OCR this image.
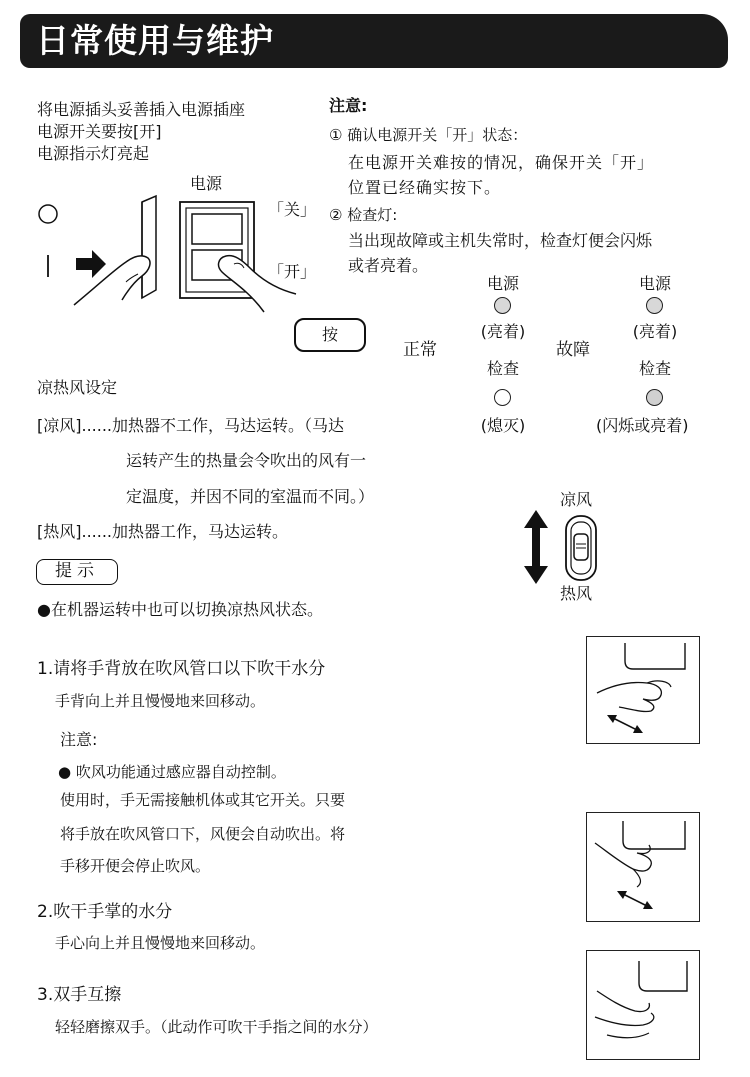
日常使用与维护
将电源插头妥善插入电源插座
电源开关要按[开]
电源指示灯亮起
电源
「关」
「开」
按
注意:
① 确认电源开关「开」状态：
在电源开关难按的情况，确保开关「开」
位置已经确实按下。
② 检查灯:
当出现故障或主机失常时，检查灯便会闪烁
或者亮着。
正常	故障
电源
(亮着)
检查
(熄灭)
电源
(亮着)
检查
(闪烁或亮着)
凉热风设定
[凉风]......加热器不工作，马达运转。（马达
运转产生的热量会令吹出的风有一
定温度，并因不同的室温而不同。）
[热风]......加热器工作，马达运转。
凉风
热风
提示
●在机器运转中也可以切换凉热风状态。
1.请将手背放在吹风管口以下吹干水分
手背向上并且慢慢地来回移动。
注意:
● 吹风功能通过感应器自动控制。
使用时，手无需接触机体或其它开关。只要
将手放在吹风管口下，风便会自动吹出。将
手移开便会停止吹风。
2.吹干手掌的水分
手心向上并且慢慢地来回移动。
3.双手互擦
轻轻磨擦双手。（此动作可吹干手指之间的水分）
